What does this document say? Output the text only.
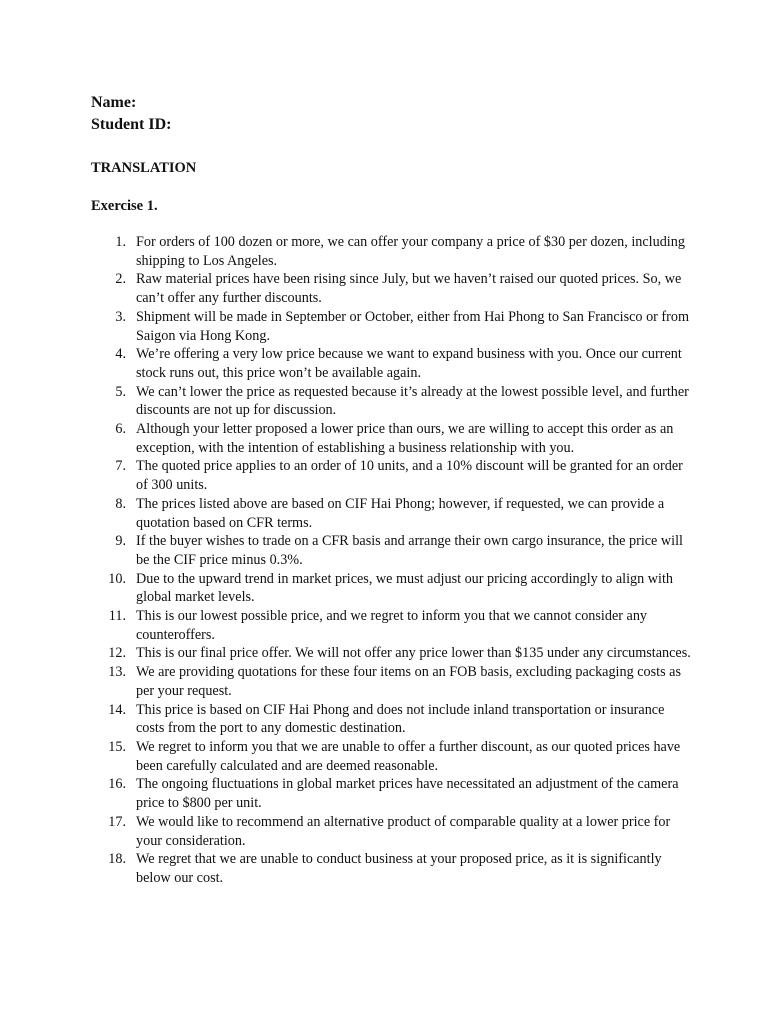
Name:
Student ID:
TRANSLATION
Exercise 1.
1. For orders of 100 dozen or more, we can offer your company a price of $30 per dozen, including shipping to Los Angeles.
2. Raw material prices have been rising since July, but we haven’t raised our quoted prices. So, we can’t offer any further discounts.
3. Shipment will be made in September or October, either from Hai Phong to San Francisco or from Saigon via Hong Kong.
4. We’re offering a very low price because we want to expand business with you. Once our current stock runs out, this price won’t be available again.
5. We can’t lower the price as requested because it’s already at the lowest possible level, and further discounts are not up for discussion.
6. Although your letter proposed a lower price than ours, we are willing to accept this order as an exception, with the intention of establishing a business relationship with you.
7. The quoted price applies to an order of 10 units, and a 10% discount will be granted for an order of 300 units.
8. The prices listed above are based on CIF Hai Phong; however, if requested, we can provide a quotation based on CFR terms.
9. If the buyer wishes to trade on a CFR basis and arrange their own cargo insurance, the price will be the CIF price minus 0.3%.
10. Due to the upward trend in market prices, we must adjust our pricing accordingly to align with global market levels.
11. This is our lowest possible price, and we regret to inform you that we cannot consider any counteroffers.
12. This is our final price offer. We will not offer any price lower than $135 under any circumstances.
13. We are providing quotations for these four items on an FOB basis, excluding packaging costs as per your request.
14. This price is based on CIF Hai Phong and does not include inland transportation or insurance costs from the port to any domestic destination.
15. We regret to inform you that we are unable to offer a further discount, as our quoted prices have been carefully calculated and are deemed reasonable.
16. The ongoing fluctuations in global market prices have necessitated an adjustment of the camera price to $800 per unit.
17. We would like to recommend an alternative product of comparable quality at a lower price for your consideration.
18. We regret that we are unable to conduct business at your proposed price, as it is significantly below our cost.
